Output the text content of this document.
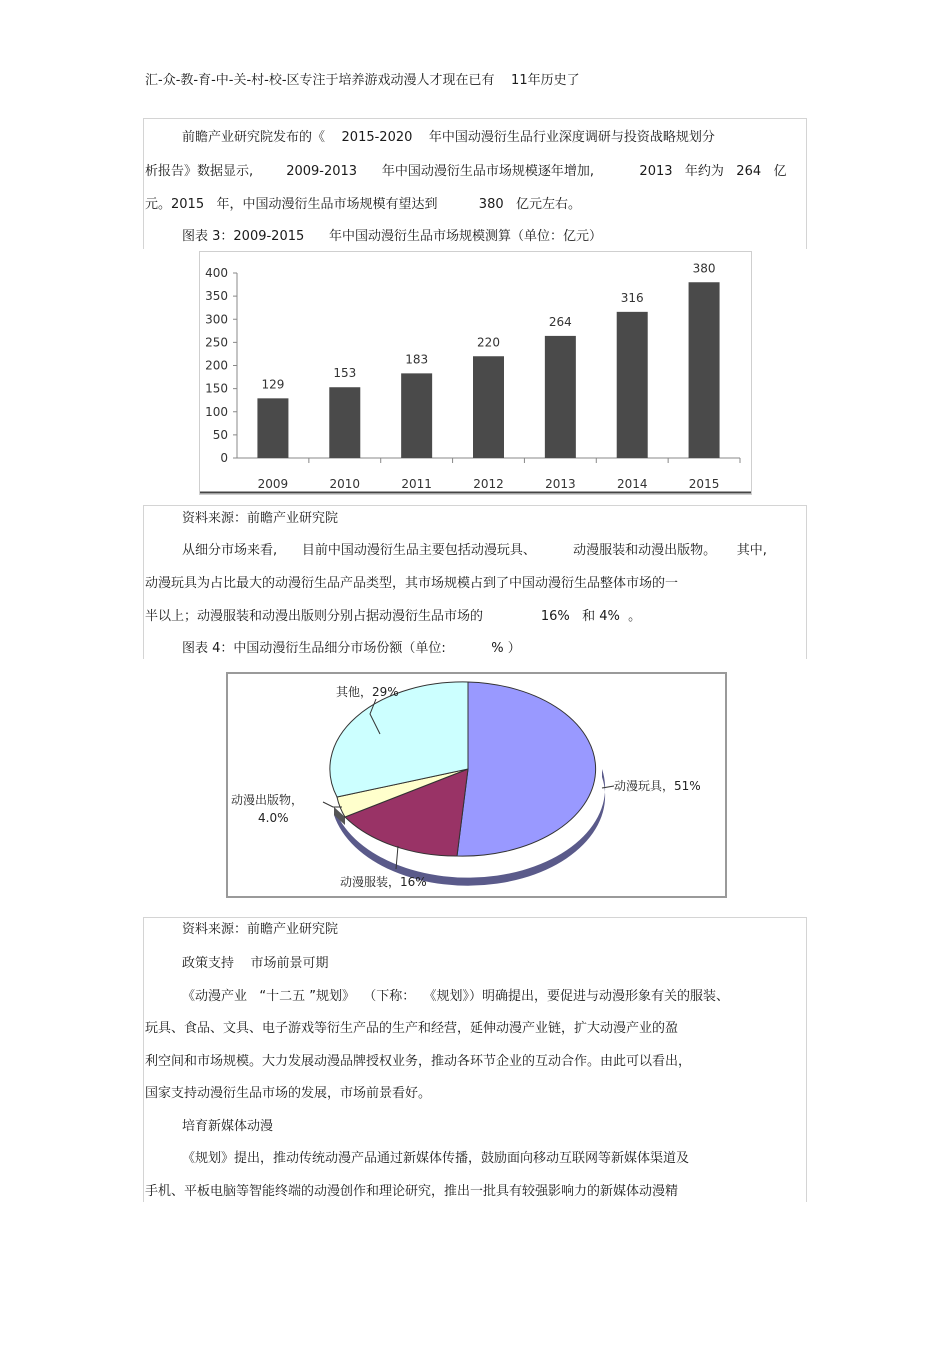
汇-众-教-育-中-关-村-校-区专注于培养游戏动漫人才现在已有    11年历史了
前瞻产业研究院发布的《    2015-2020    年中国动漫衍生品行业深度调研与投资战略规划分
析报告》数据显示,        2009-2013      年中国动漫衍生品市场规模逐年增加,           2013   年约为   264   亿
元。2015   年，中国动漫衍生品市场规模有望达到          380   亿元左右。
图表 3：2009-2015      年中国动漫衍生品市场规模测算（单位：亿元）
0
50
100
150
200
250
300
350
400
129
2009
153
2010
183
2011
220
2012
264
2013
316
2014
380
2015
资料来源：前瞻产业研究院
从细分市场来看,      目前中国动漫衍生品主要包括动漫玩具、         动漫服装和动漫出版物。     其中,
动漫玩具为占比最大的动漫衍生品产品类型，其市场规模占到了中国动漫衍生品整体市场的一
半以上；动漫服装和动漫出版则分别占据动漫衍生品市场的              16%   和 4%  。
图表 4：中国动漫衍生品细分市场份额（单位:           % ）
其他，29%
动漫玩具，51%
动漫出版物， 4.0%
动漫服装，16%
资料来源：前瞻产业研究院
政策支持    市场前景可期
《动漫产业   “十二五 ”规划》  （下称：  《规划》）明确提出，要促进与动漫形象有关的服装、
玩具、食品、文具、电子游戏等衍生产品的生产和经营，延伸动漫产业链，扩大动漫产业的盈
利空间和市场规模。大力发展动漫品牌授权业务，推动各环节企业的互动合作。由此可以看出，
国家支持动漫衍生品市场的发展，市场前景看好。
培育新媒体动漫
《规划》提出，推动传统动漫产品通过新媒体传播，鼓励面向移动互联网等新媒体渠道及
手机、平板电脑等智能终端的动漫创作和理论研究，推出一批具有较强影响力的新媒体动漫精
